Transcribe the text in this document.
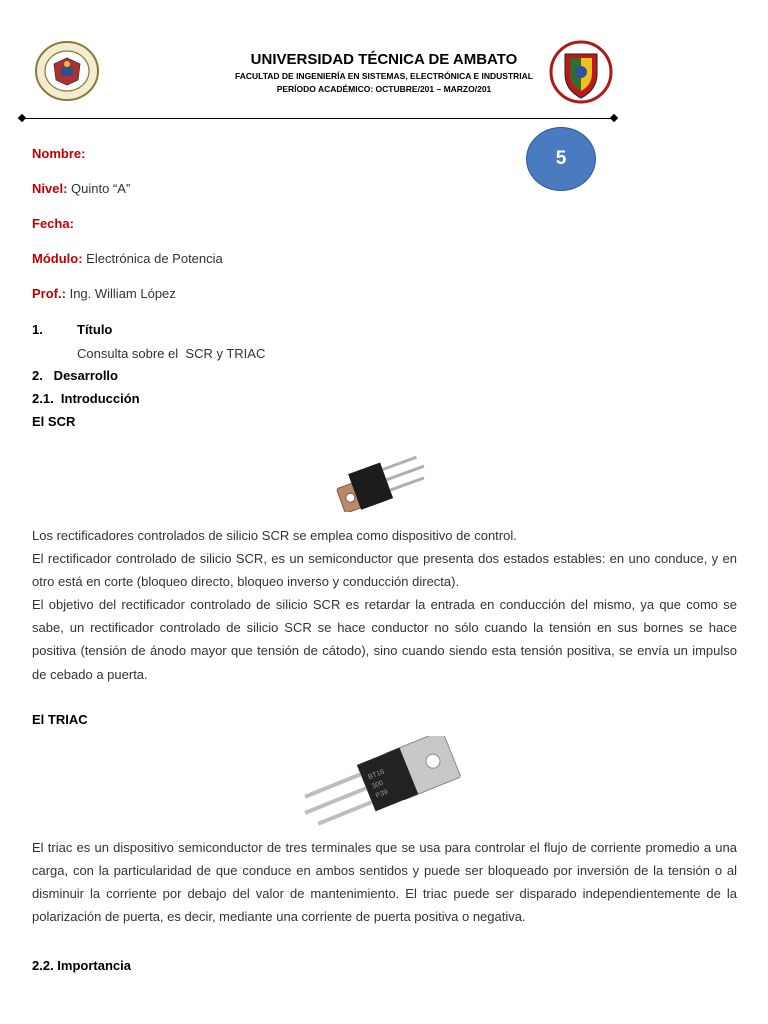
UNIVERSIDAD TÉCNICA DE AMBATO
FACULTAD DE INGENIERÍA EN SISTEMAS, ELECTRÓNICA E INDUSTRIAL
PERÍODO ACADÉMICO: OCTUBRE/201 – MARZO/201
5
Nombre:
Nivel: Quinto “A”
Fecha:
Módulo: Electrónica de Potencia
Prof.: Ing. William López
1.	Título
Consulta sobre el  SCR y TRIAC
2.   Desarrollo
2.1.  Introducción
El SCR

Los rectificadores controlados de silicio SCR se emplea como dispositivo de control.

El rectificador controlado de silicio SCR, es un semiconductor que presenta dos estados estables: en uno conduce, y en otro está en corte (bloqueo directo, bloqueo inverso y conducción directa).

El objetivo del rectificador controlado de silicio SCR es retardar la entrada en conducción del mismo, ya que como se sabe, un rectificador controlado de silicio SCR se hace conductor no sólo cuando la tensión en sus bornes se hace positiva (tensión de ánodo mayor que tensión de cátodo), sino cuando siendo esta tensión positiva, se envía un impulso de cebado a puerta.

El TRIAC
BT16
300
P39

El triac es un dispositivo semiconductor de tres terminales que se usa para controlar el flujo de corriente promedio a una carga, con la particularidad de que conduce en ambos sentidos y puede ser bloqueado por inversión de la tensión o al disminuir la corriente por debajo del valor de mantenimiento. El triac puede ser disparado independientemente de la polarización de puerta, es decir, mediante una corriente de puerta positiva o negativa.

2.2. Importancia
